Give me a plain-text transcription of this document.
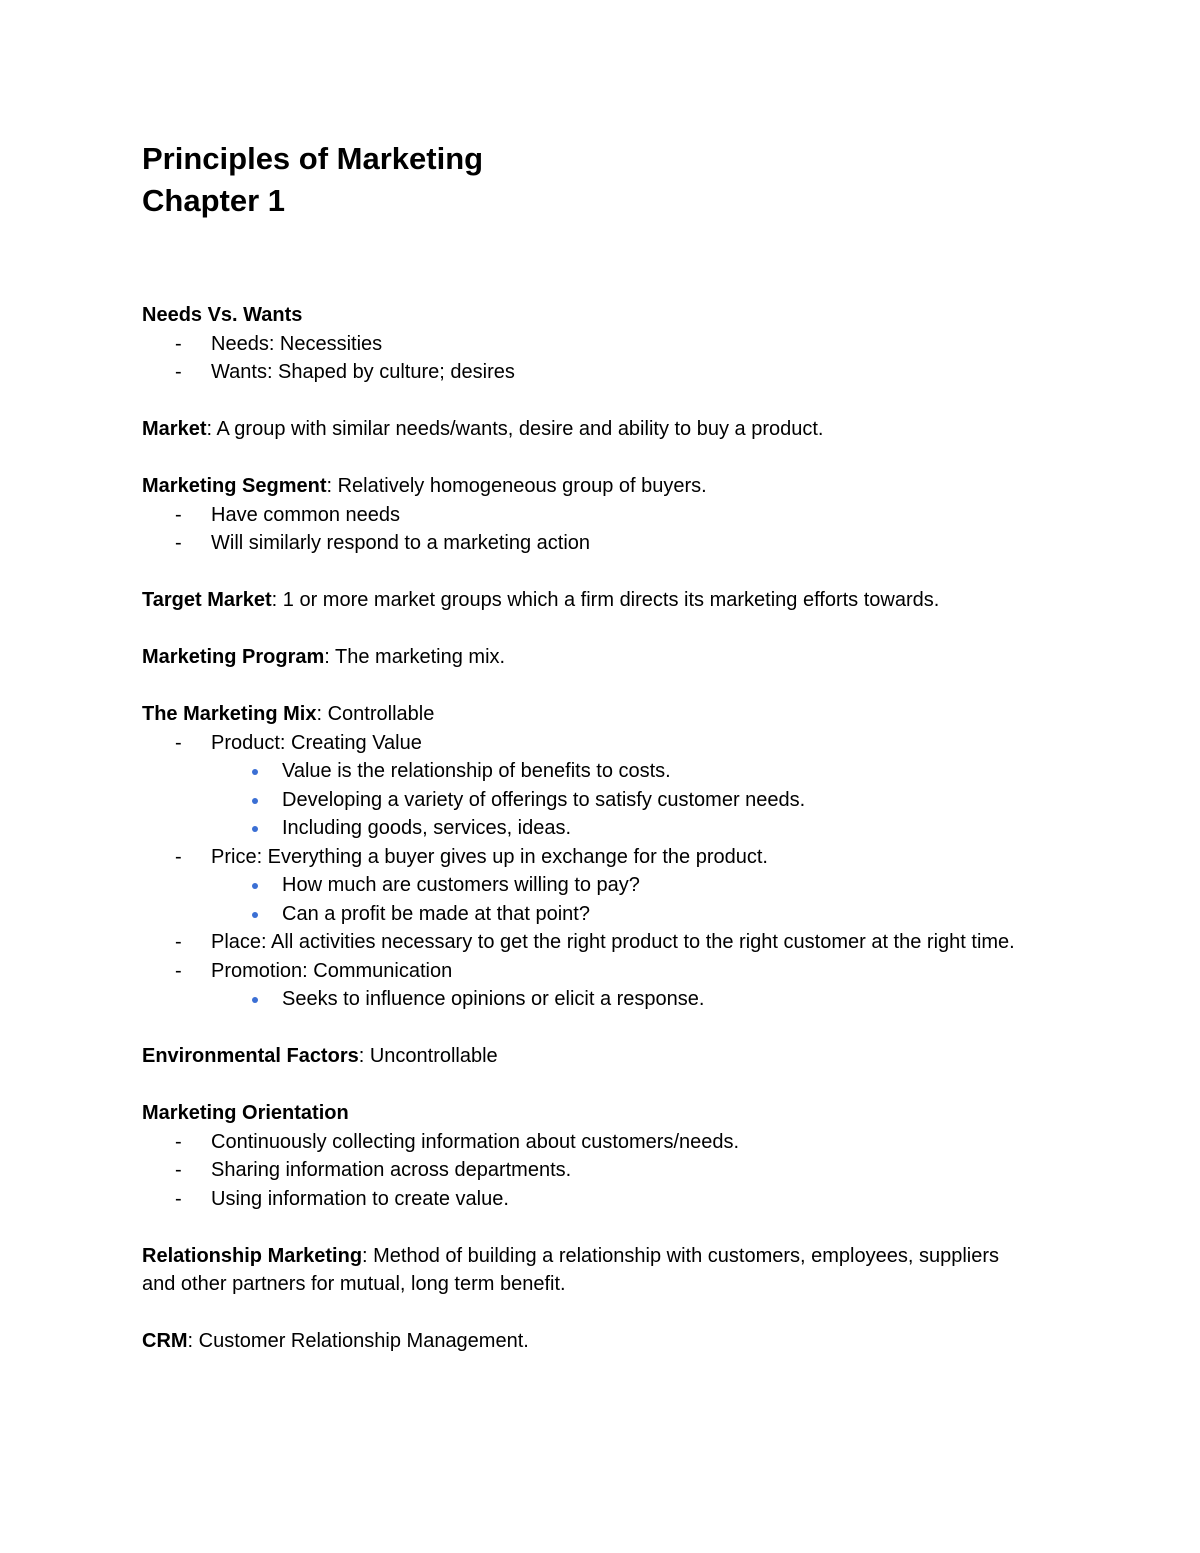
Principles of Marketing
Chapter 1

Needs Vs. Wants

- Needs: Necessities
- Wants: Shaped by culture; desires

Market: A group with similar needs/wants, desire and ability to buy a product.

Marketing Segment: Relatively homogeneous group of buyers.

- Have common needs
- Will similarly respond to a marketing action

Target Market: 1 or more market groups which a firm directs its marketing efforts towards.

Marketing Program: The marketing mix.

The Marketing Mix: Controllable

- Product: Creating Value
Value is the relationship of benefits to costs.
Developing a variety of offerings to satisfy customer needs.
Including goods, services, ideas.
- Price: Everything a buyer gives up in exchange for the product.
How much are customers willing to pay?
Can a profit be made at that point?
- Place: All activities necessary to get the right product to the right customer at the right time.
- Promotion: Communication
Seeks to influence opinions or elicit a response.

Environmental Factors: Uncontrollable

Marketing Orientation

- Continuously collecting information about customers/needs.
- Sharing information across departments.
- Using information to create value.

Relationship Marketing: Method of building a relationship with customers, employees, suppliers and other partners for mutual, long term benefit.

CRM: Customer Relationship Management.
